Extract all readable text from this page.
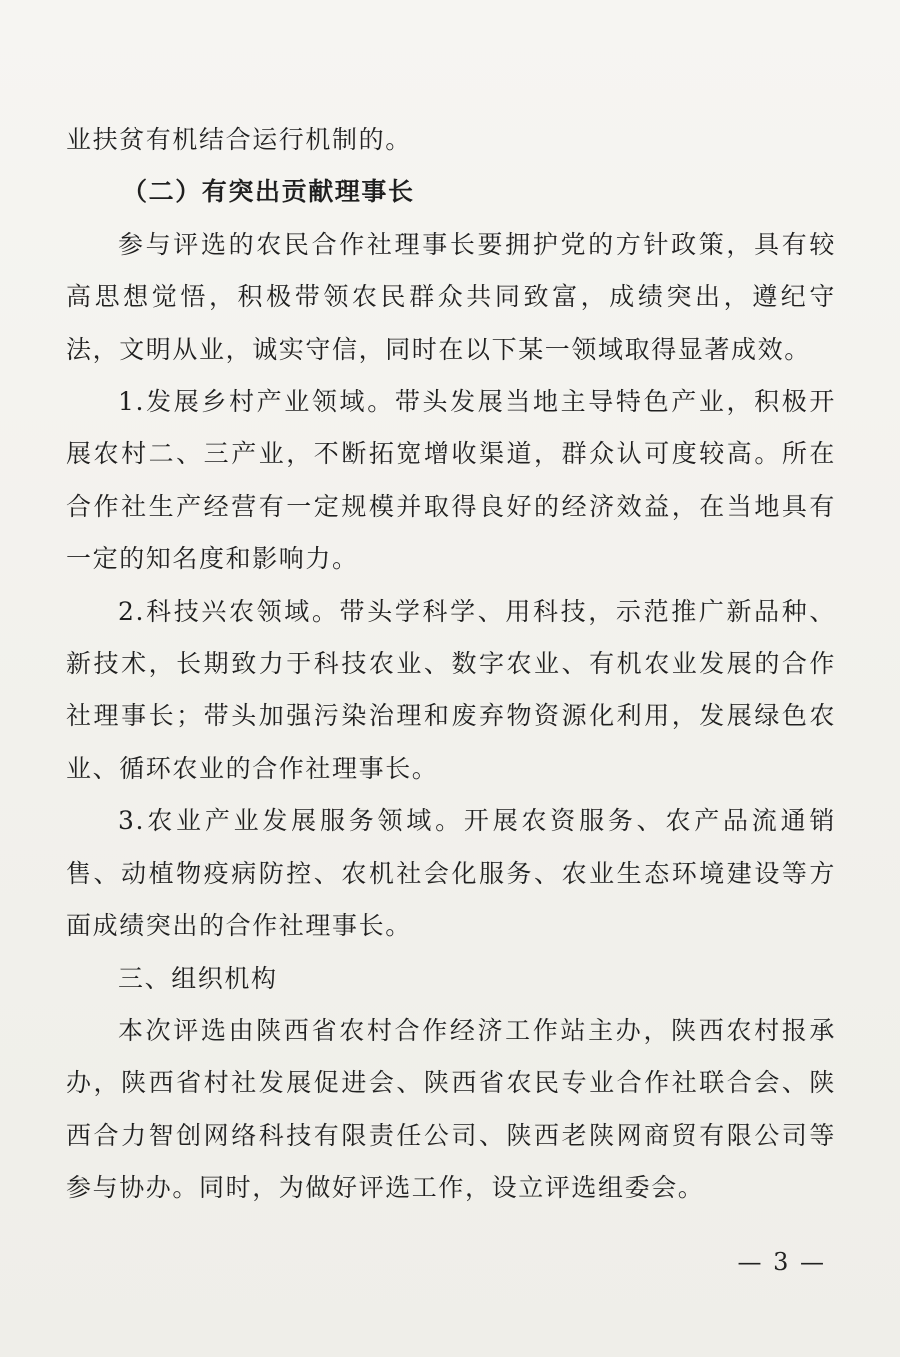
业扶贫有机结合运行机制的。

（二）有突出贡献理事长

参与评选的农民合作社理事长要拥护党的方针政策，具有较高思想觉悟，积极带领农民群众共同致富，成绩突出，遵纪守法，文明从业，诚实守信，同时在以下某一领域取得显著成效。

1.发展乡村产业领域。带头发展当地主导特色产业，积极开展农村二、三产业，不断拓宽增收渠道，群众认可度较高。所在合作社生产经营有一定规模并取得良好的经济效益，在当地具有一定的知名度和影响力。

2.科技兴农领域。带头学科学、用科技，示范推广新品种、新技术，长期致力于科技农业、数字农业、有机农业发展的合作社理事长；带头加强污染治理和废弃物资源化利用，发展绿色农业、循环农业的合作社理事长。

3.农业产业发展服务领域。开展农资服务、农产品流通销售、动植物疫病防控、农机社会化服务、农业生态环境建设等方面成绩突出的合作社理事长。

三、组织机构

本次评选由陕西省农村合作经济工作站主办，陕西农村报承办，陕西省村社发展促进会、陕西省农民专业合作社联合会、陕西合力智创网络科技有限责任公司、陕西老陕网商贸有限公司等参与协办。同时，为做好评选工作，设立评选组委会。

— 3 —
